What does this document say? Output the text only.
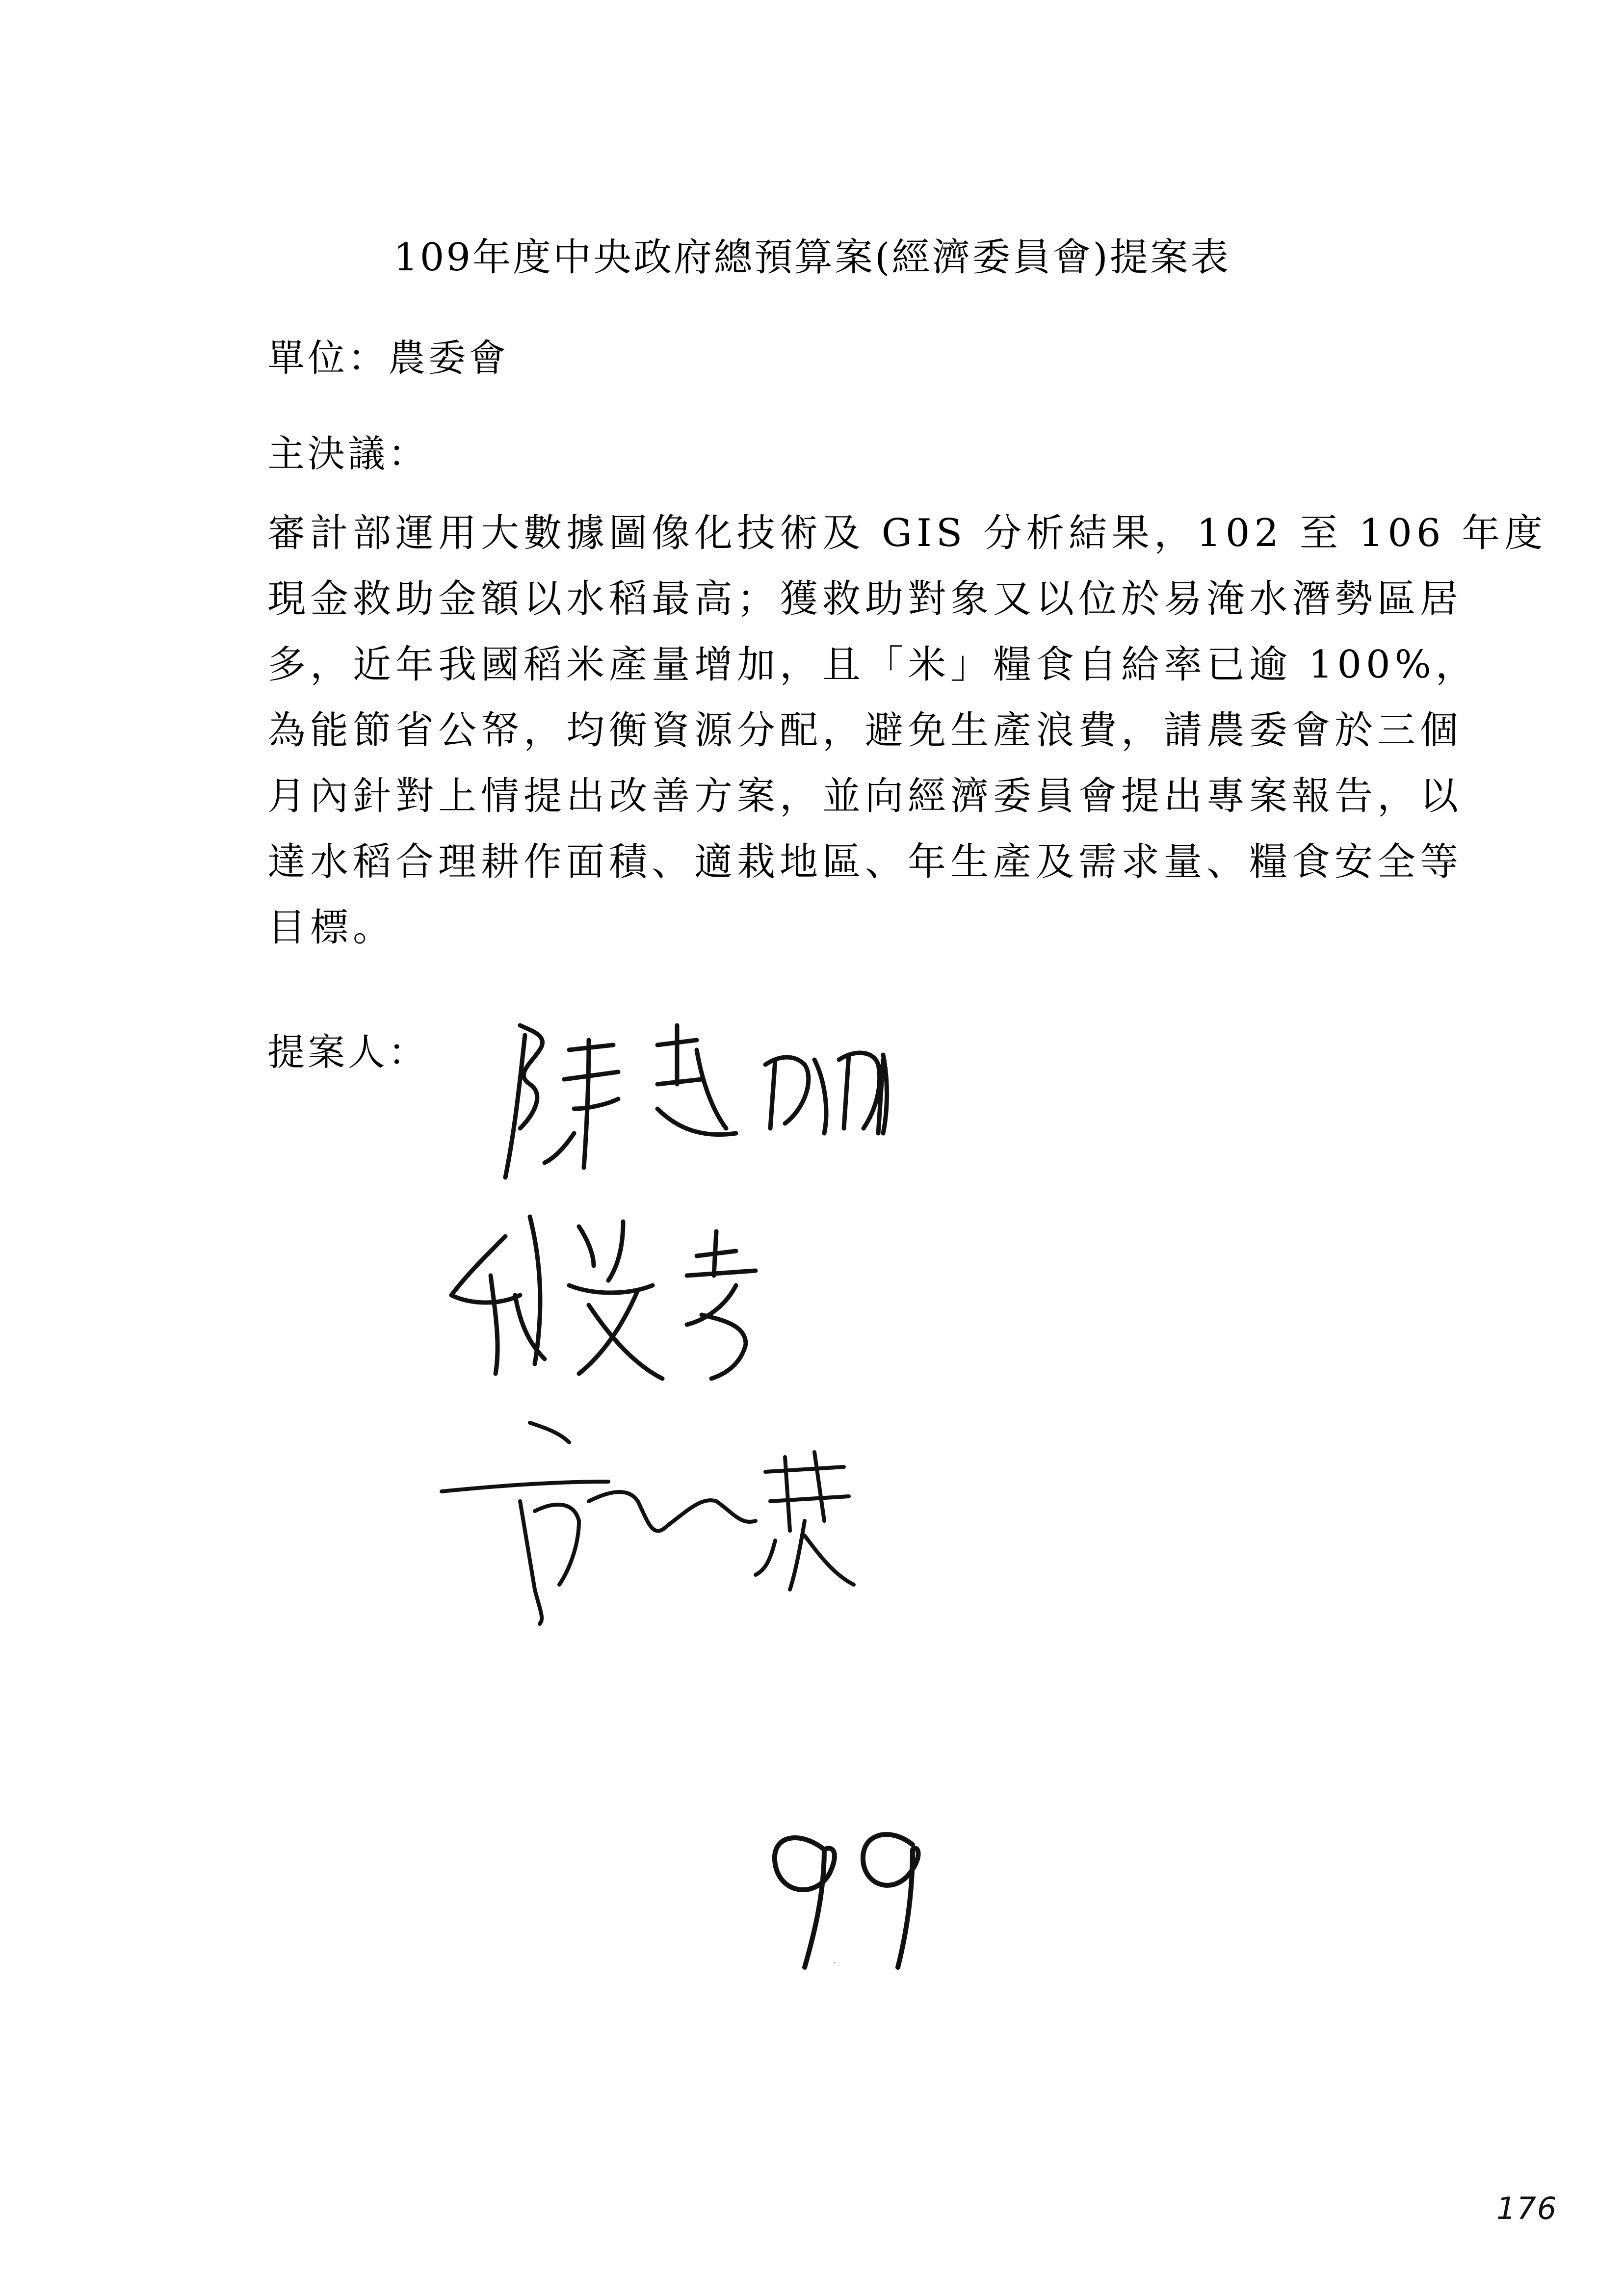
109年度中央政府總預算案(經濟委員會)提案表
單位：農委會
主決議：
審計部運用大數據圖像化技術及 GIS 分析結果，102 至 106 年度
現金救助金額以水稻最高；獲救助對象又以位於易淹水潛勢區居
多，近年我國稻米產量增加，且「米」糧食自給率已逾 100%，
為能節省公帑，均衡資源分配，避免生產浪費，請農委會於三個
月內針對上情提出改善方案，並向經濟委員會提出專案報告，以
達水稻合理耕作面積、適栽地區、年生產及需求量、糧食安全等
目標。
提案人：
99
176
